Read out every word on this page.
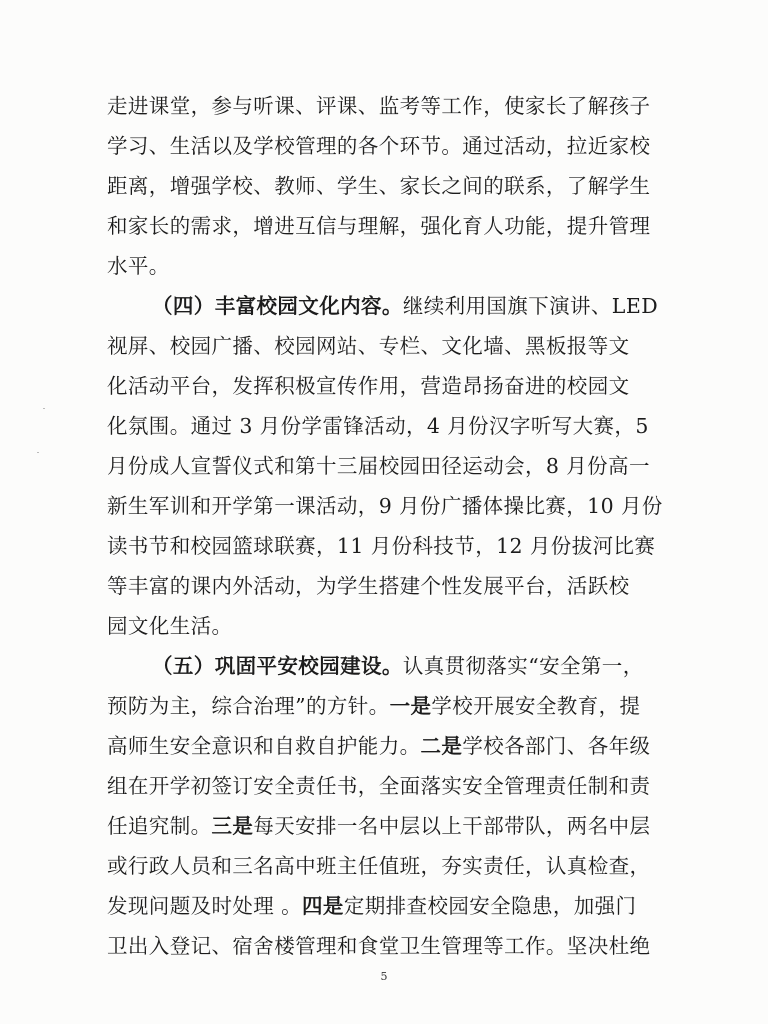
走进课堂，参与听课、评课、监考等工作，使家长了解孩子
学习、生活以及学校管理的各个环节。通过活动，拉近家校
距离，增强学校、教师、学生、家长之间的联系，了解学生
和家长的需求，增进互信与理解，强化育人功能，提升管理
水平。
（四）丰富校园文化内容。继续利用国旗下演讲、LED
视屏、校园广播、校园网站、专栏、文化墙、黑板报等文
化活动平台，发挥积极宣传作用，营造昂扬奋进的校园文
化氛围。通过 3 月份学雷锋活动，4 月份汉字听写大赛，5
月份成人宣誓仪式和第十三届校园田径运动会，8 月份高一
新生军训和开学第一课活动，9 月份广播体操比赛，10 月份
读书节和校园篮球联赛，11 月份科技节，12 月份拔河比赛
等丰富的课内外活动，为学生搭建个性发展平台，活跃校
园文化生活。
（五）巩固平安校园建设。认真贯彻落实“安全第一，
预防为主，综合治理”的方针。一是学校开展安全教育，提
高师生安全意识和自救自护能力。二是学校各部门、各年级
组在开学初签订安全责任书，全面落实安全管理责任制和责
任追究制。三是每天安排一名中层以上干部带队，两名中层
或行政人员和三名高中班主任值班，夯实责任，认真检查，
发现问题及时处理 。四是定期排查校园安全隐患，加强门
卫出入登记、宿舍楼管理和食堂卫生管理等工作。坚决杜绝
5
